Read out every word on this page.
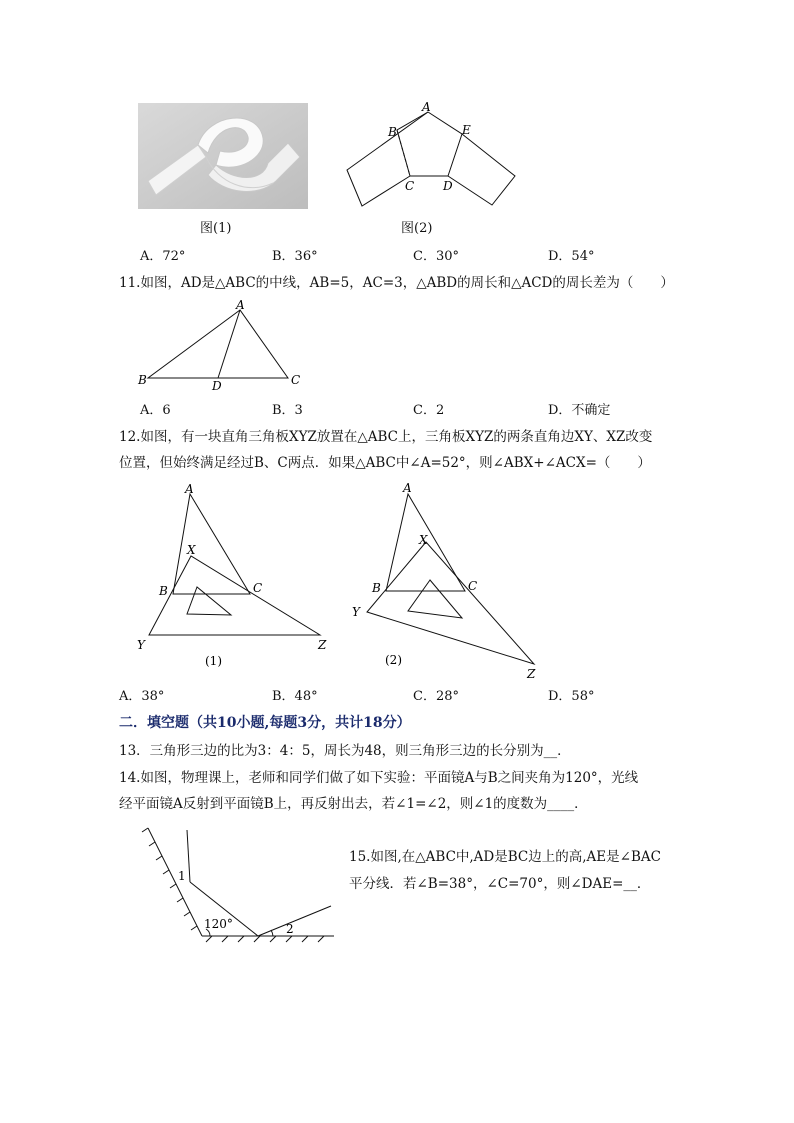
A
B
C D
E
图(1)	图(2)
A．72°	B．36°	C．30°	D．54°
11.如图，AD是△ABC的中线，AB=5，AC=3，△ABD的周长和△ACD的周长差为（　　）
A
B	D	C
A．6	B．3	C．2	D．不确定
12.如图，有一块直角三角板XYZ放置在△ABC上，三角板XYZ的两条直角边XY、XZ改变
位置，但始终满足经过B、C两点．如果△ABC中∠A=52°，则∠ABX+∠ACX=（　　）
A
X
B	C
Y	Z
(1)
A
X
B	C
Y
Z
(2)
A．38°	B．48°	C．28°	D．58°
二．填空题（共10小题,每题3分，共计18分）
13．三角形三边的比为3：4：5，周长为48，则三角形三边的长分别为__．
14.如图，物理课上，老师和同学们做了如下实验：平面镜A与B之间夹角为120°，光线
经平面镜A反射到平面镜B上，再反射出去，若∠1=∠2，则∠1的度数为____．
1
120°	2
15.如图,在△ABC中,AD是BC边上的高,AE是∠BAC
平分线．若∠B=38°，∠C=70°，则∠DAE=__．
